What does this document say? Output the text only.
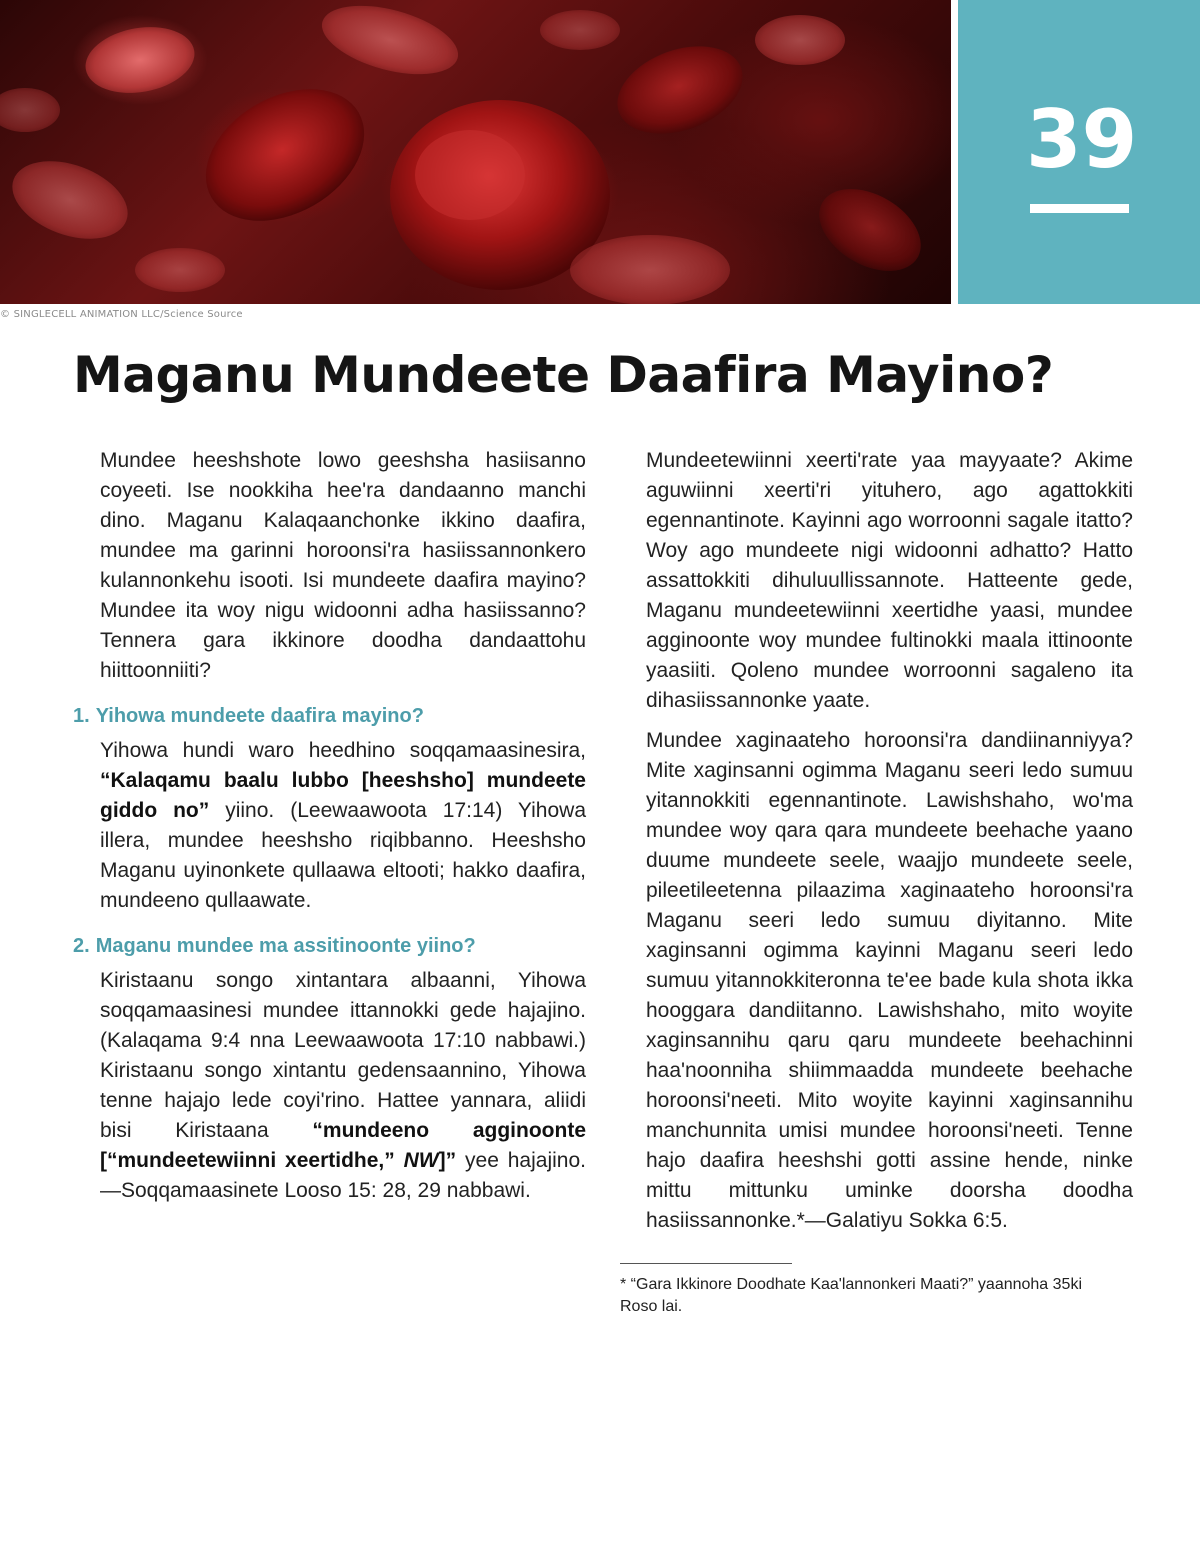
© SINGLECELL ANIMATION LLC/Science Source
39
Maganu Mundeete Daafira Mayino?

Mundee heeshshote lowo geeshsha hasiisanno coyeeti. Ise nookkiha hee'ra dandaanno manchi dino. Maganu Kalaqaanchonke ikkino daafira, mundee ma garinni horoonsi'ra hasiissannonkero kulannonkehu isooti. Isi mundeete daafira mayino? Mundee ita woy nigu widoonni adha hasiissanno? Tennera gara ikkinore doodha dandaattohu hiittoonniiti?

1. Yihowa mundeete daafira mayino?

Yihowa hundi waro heedhino soqqamaasinesira, “Kalaqamu baalu lubbo [heeshsho] mundeete giddo no” yiino. (Leewaawoota 17:14) Yihowa illera, mundee heeshsho riqibbanno. Heeshsho Maganu uyinonkete qullaawa eltooti; hakko daafira, mundeeno qullaawate.

2. Maganu mundee ma assitinoonte yiino?

Kiristaanu songo xintantara albaanni, Yihowa soqqamaasinesi mundee ittannokki gede hajajino. (Kalaqama 9:4 nna Leewaawoota 17:10 nabbawi.) Kiristaanu songo xintantu gedensaannino, Yihowa tenne hajajo lede coyi'rino. Hattee yannara, aliidi bisi Kiristaana “mundeeno agginoonte [“mundeetewiinni xeertidhe,” NW]” yee hajajino.—Soqqamaasinete Looso 15: 28, 29 nabbawi.

Mundeetewiinni xeerti'rate yaa mayyaate? Akime aguwiinni xeerti'ri yituhero, ago agattokkiti egennantinote. Kayinni ago worroonni sagale itatto? Woy ago mundeete nigi widoonni adhatto? Hatto assattokkiti dihuluullissannote. Hatteente gede, Maganu mundeetewiinni xeertidhe yaasi, mundee agginoonte woy mundee fultinokki maala ittinoonte yaasiiti. Qoleno mundee worroonni sagaleno ita dihasiissannonke yaate.

Mundee xaginaateho horoonsi'ra dandiinanniyya? Mite xaginsanni ogimma Maganu seeri ledo sumuu yitannokkiti egennantinote. Lawishshaho, wo'ma mundee woy qara qara mundeete beehache yaano duume mundeete seele, waajjo mundeete seele, pileetileetenna pilaazima xaginaateho horoonsi'ra Maganu seeri ledo sumuu diyitanno. Mite xaginsanni ogimma kayinni Maganu seeri ledo sumuu yitannokkiteronna te'ee bade kula shota ikka hooggara dandiitanno. Lawishshaho, mito woyite xaginsannihu qaru qaru mundeete beehachinni haa'noonniha shiimmaadda mundeete beehache horoonsi'neeti. Mito woyite kayinni xaginsannihu manchunnita umisi mundee horoonsi'neeti. Tenne hajo daafira heeshshi gotti assine hende, ninke mittu mittunku uminke doorsha doodha hasiissannonke.*—Galatiyu Sokka 6:5.

* “Gara Ikkinore Doodhate Kaa'lannonkeri Maati?” yaannoha 35ki Roso lai.
